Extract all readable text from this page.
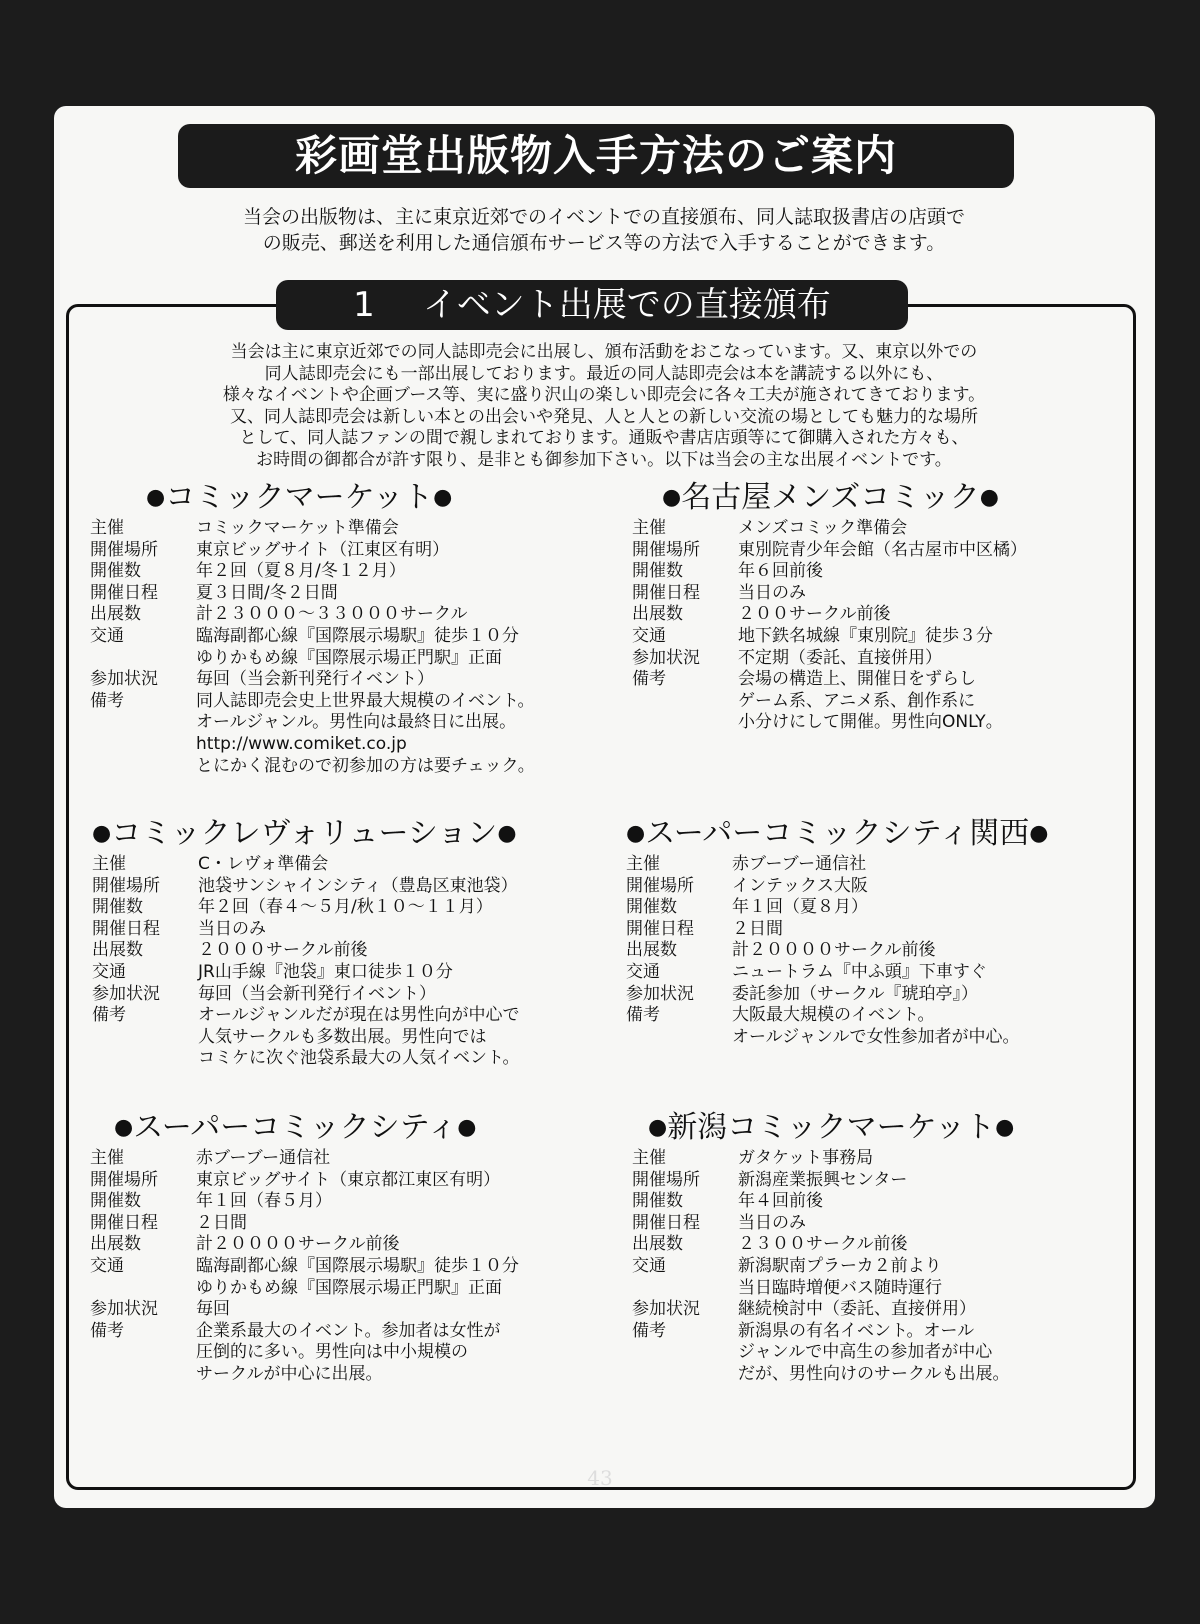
彩画堂出版物入手方法のご案内
当会の出版物は、主に東京近郊でのイベントでの直接頒布、同人誌取扱書店の店頭で
の販売、郵送を利用した通信頒布サービス等の方法で入手することができます。
1 イベント出展での直接頒布
当会は主に東京近郊での同人誌即売会に出展し、頒布活動をおこなっています。又、東京以外での
同人誌即売会にも一部出展しております。最近の同人誌即売会は本を講読する以外にも、
様々なイベントや企画ブース等、実に盛り沢山の楽しい即売会に各々工夫が施されてきております。
又、同人誌即売会は新しい本との出会いや発見、人と人との新しい交流の場としても魅力的な場所
として、同人誌ファンの間で親しまれております。通販や書店店頭等にて御購入された方々も、
お時間の御都合が許す限り、是非とも御参加下さい。以下は当会の主な出展イベントです。
●コミックマーケット●
主催	コミックマーケット準備会
開催場所	東京ビッグサイト（江東区有明）
開催数	年２回（夏８月/冬１２月）
開催日程	夏３日間/冬２日間
出展数	計２３０００〜３３０００サークル
交通	臨海副都心線『国際展示場駅』徒歩１０分
ゆりかもめ線『国際展示場正門駅』正面
参加状況	毎回（当会新刊発行イベント）
備考	同人誌即売会史上世界最大規模のイベント。
オールジャンル。男性向は最終日に出展。
http://www.comiket.co.jp
とにかく混むので初参加の方は要チェック。
●名古屋メンズコミック●
主催	メンズコミック準備会
開催場所	東別院青少年会館（名古屋市中区橘）
開催数	年６回前後
開催日程	当日のみ
出展数	２００サークル前後
交通	地下鉄名城線『東別院』徒歩３分
参加状況	不定期（委託、直接併用）
備考	会場の構造上、開催日をずらし
ゲーム系、アニメ系、創作系に
小分けにして開催。男性向ONLY。
●コミックレヴォリューション●
主催	C・レヴォ準備会
開催場所	池袋サンシャインシティ（豊島区東池袋）
開催数	年２回（春４〜５月/秋１０〜１１月）
開催日程	当日のみ
出展数	２０００サークル前後
交通	JR山手線『池袋』東口徒歩１０分
参加状況	毎回（当会新刊発行イベント）
備考	オールジャンルだが現在は男性向が中心で
人気サークルも多数出展。男性向では
コミケに次ぐ池袋系最大の人気イベント。
●スーパーコミックシティ関西●
主催	赤ブーブー通信社
開催場所	インテックス大阪
開催数	年１回（夏８月）
開催日程	２日間
出展数	計２００００サークル前後
交通	ニュートラム『中ふ頭』下車すぐ
参加状況	委託参加（サークル『琥珀亭』）
備考	大阪最大規模のイベント。
オールジャンルで女性参加者が中心。
●スーパーコミックシティ●
主催	赤ブーブー通信社
開催場所	東京ビッグサイト（東京都江東区有明）
開催数	年１回（春５月）
開催日程	２日間
出展数	計２００００サークル前後
交通	臨海副都心線『国際展示場駅』徒歩１０分
ゆりかもめ線『国際展示場正門駅』正面
参加状況	毎回
備考	企業系最大のイベント。参加者は女性が
圧倒的に多い。男性向は中小規模の
サークルが中心に出展。
●新潟コミックマーケット●
主催	ガタケット事務局
開催場所	新潟産業振興センター
開催数	年４回前後
開催日程	当日のみ
出展数	２３００サークル前後
交通	新潟駅南プラーカ２前より
当日臨時増便バス随時運行
参加状況	継続検討中（委託、直接併用）
備考	新潟県の有名イベント。オール
ジャンルで中高生の参加者が中心
だが、男性向けのサークルも出展。
43
